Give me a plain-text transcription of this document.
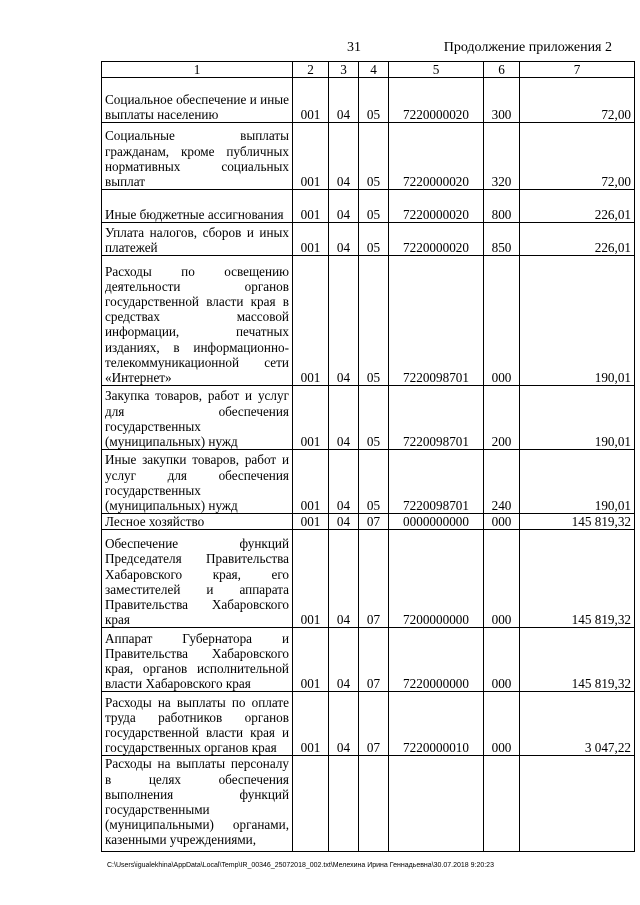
31	Продолжение приложения 2
1	2	3	4	5	6	7
Социальное обеспечение и иные выплаты населению	001	04	05	7220000020	300	72,00
Социальные выплаты гражданам, кроме публичных нормативных социальных выплат	001	04	05	7220000020	320	72,00
Иные бюджетные ассигнования	001	04	05	7220000020	800	226,01
Уплата налогов, сборов и иных платежей	001	04	05	7220000020	850	226,01
Расходы по освещению деятельности органов государственной власти края в средствах массовой информации, печатных изданиях, в информационно-телекоммуникационной сети «Интернет»	001	04	05	7220098701	000	190,01
Закупка товаров, работ и услуг для обеспечения государственных (муниципальных) нужд	001	04	05	7220098701	200	190,01
Иные закупки товаров, работ и услуг для обеспечения государственных (муниципальных) нужд	001	04	05	7220098701	240	190,01
Лесное хозяйство	001	04	07	0000000000	000	145 819,32
Обеспечение функций Председателя Правительства Хабаровского края, его заместителей и аппарата Правительства Хабаровского края	001	04	07	7200000000	000	145 819,32
Аппарат Губернатора и Правительства Хабаровского края, органов исполнительной власти Хабаровского края	001	04	07	7220000000	000	145 819,32
Расходы на выплаты по оплате труда работников органов государственной власти края и государственных органов края	001	04	07	7220000010	000	3 047,22
Расходы на выплаты персоналу в целях обеспечения выполнения функций государственными (муниципальными) органами, казенными учреждениями,						
C:\Users\igualekhina\AppData\Local\Temp\IR_00346_25072018_002.txt\Мелехина Ирина Геннадьевна\30.07.2018 9:20:23
